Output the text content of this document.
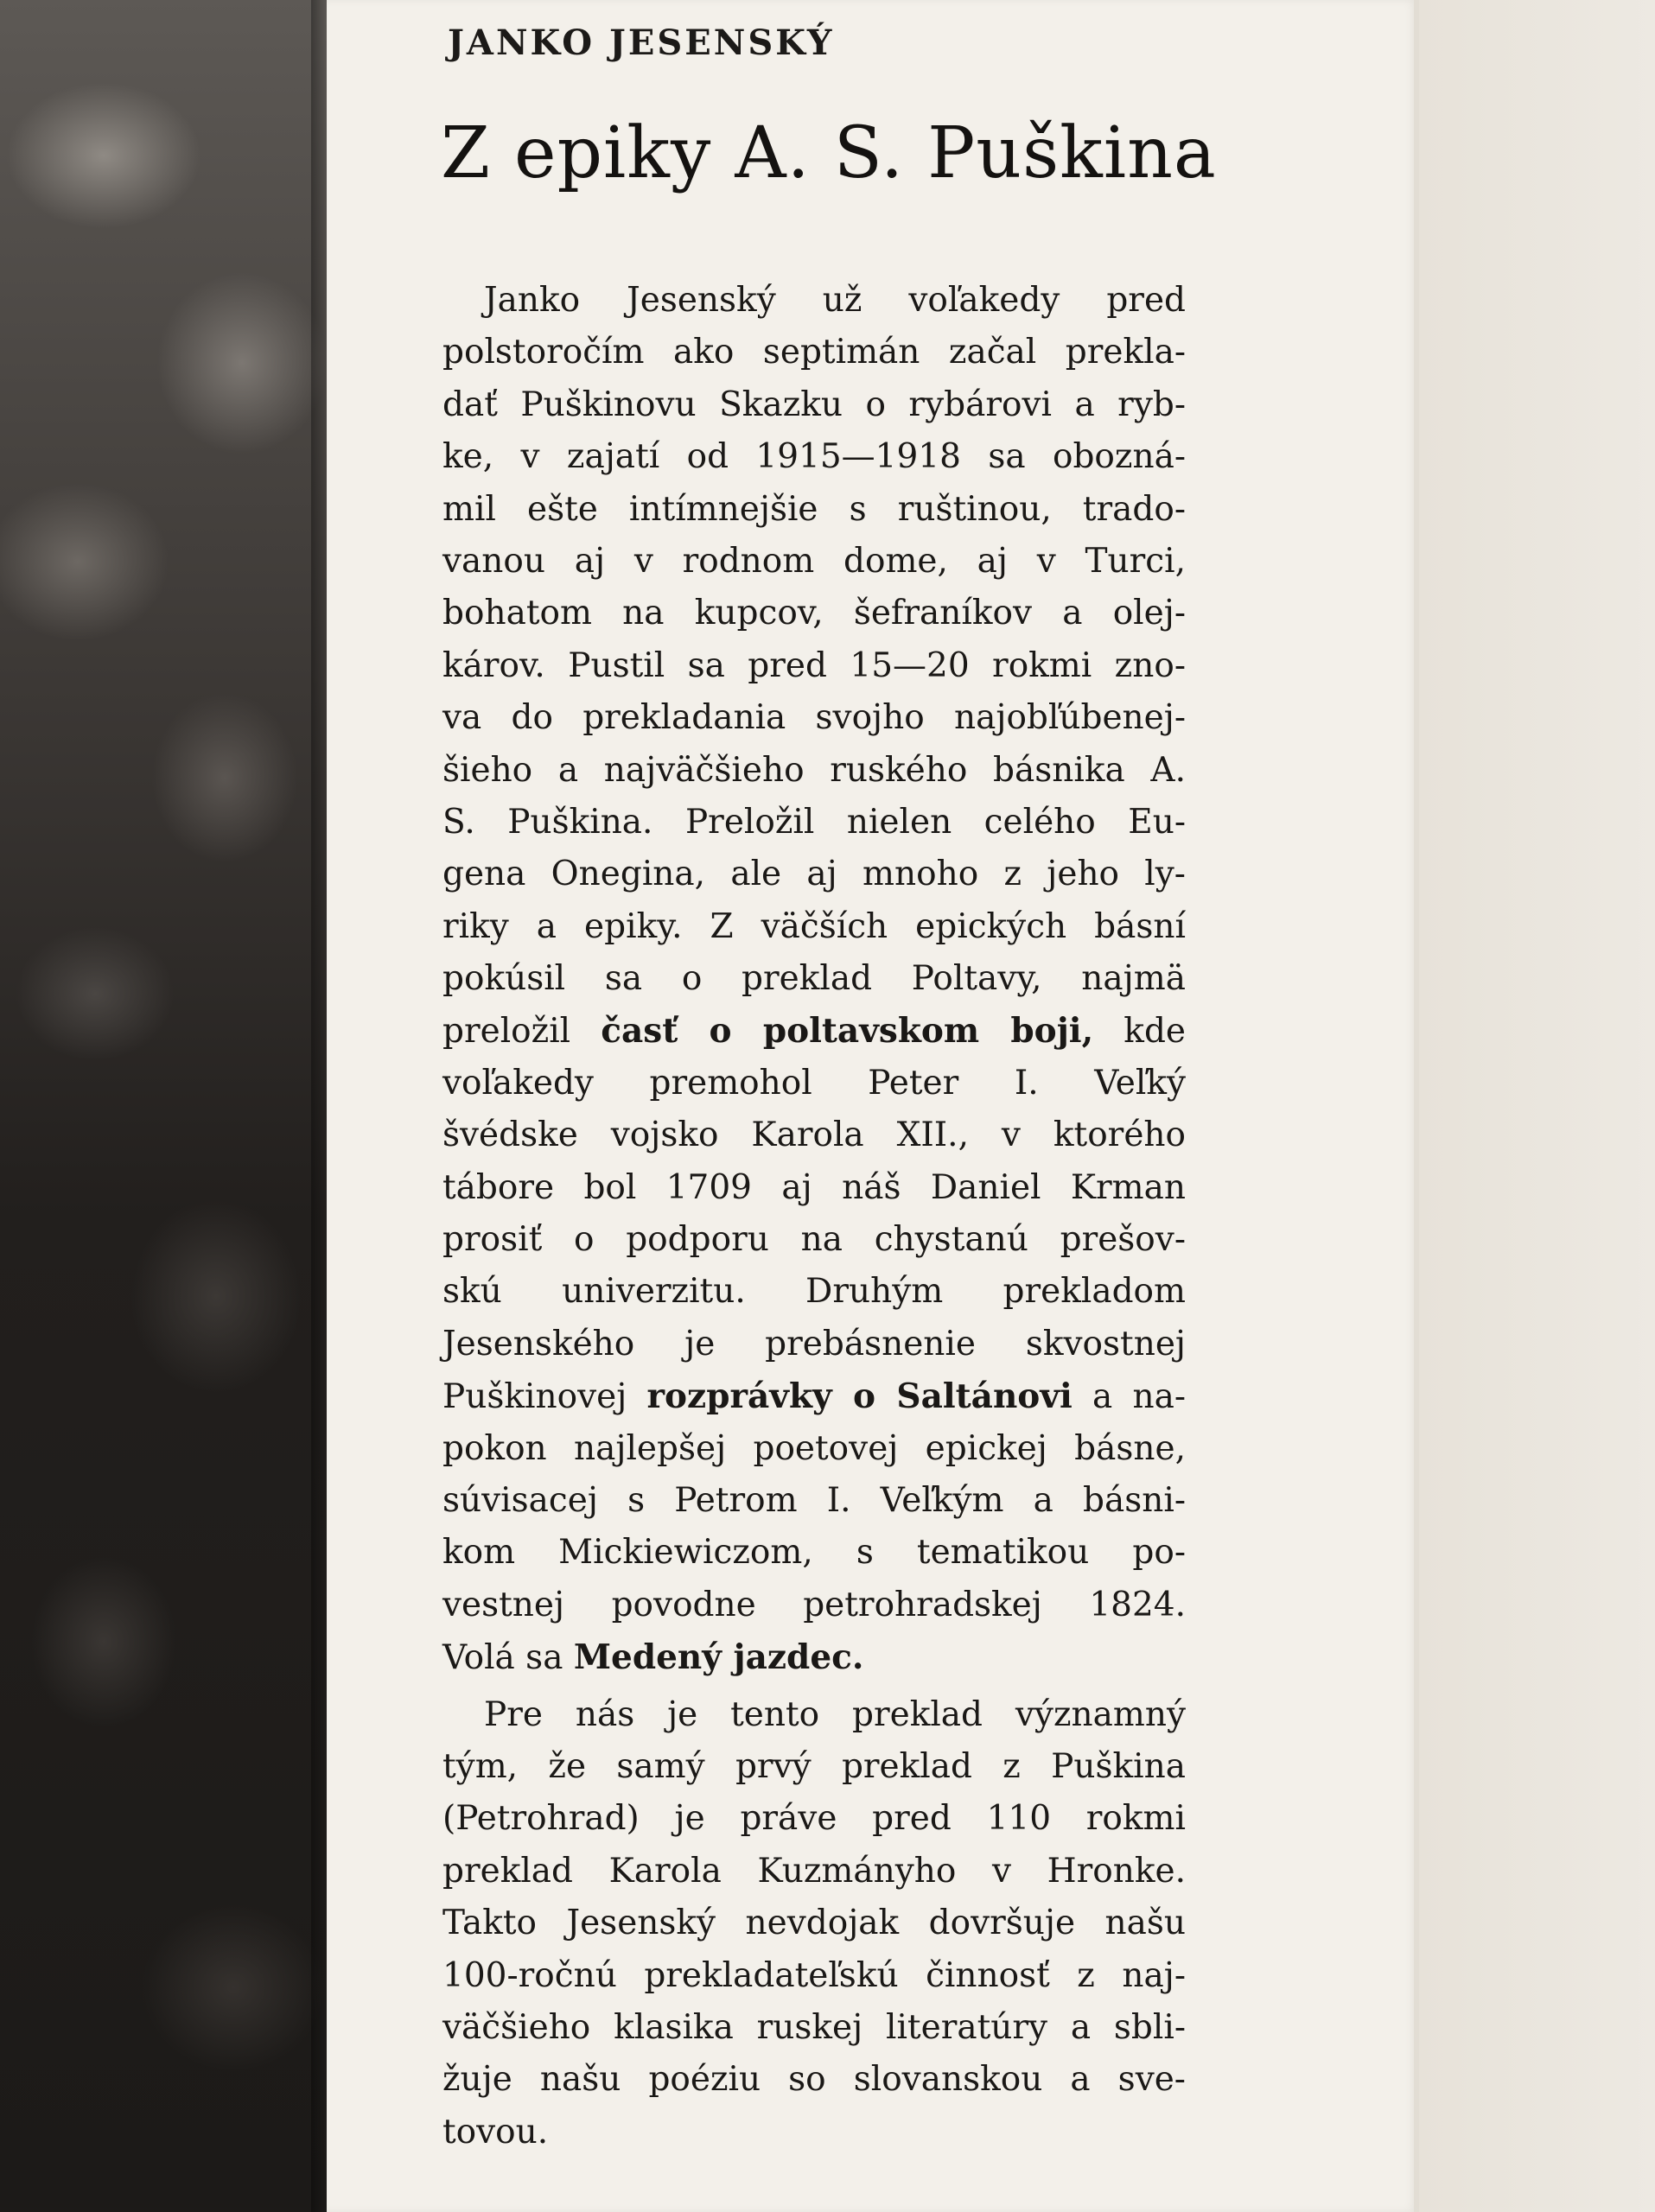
JANKO JESENSKÝ
Z epiky A. S. Puškina
Janko Jesenský už voľakedy pred
polstoročím ako septimán začal prekla-
dať Puškinovu Skazku o rybárovi a ryb-
ke, v zajatí od 1915—1918 sa obozná-
mil ešte intímnejšie s ruštinou, trado-
vanou aj v rodnom dome, aj v Turci,
bohatom na kupcov, šefraníkov a olej-
károv. Pustil sa pred 15—20 rokmi zno-
va do prekladania svojho najobľúbenej-
šieho a najväčšieho ruského básnika A.
S. Puškina. Preložil nielen celého Eu-
gena Onegina, ale aj mnoho z jeho ly-
riky a epiky. Z väčších epických básní
pokúsil sa o preklad Poltavy, najmä
preložil časť o poltavskom boji, kde
voľakedy premohol Peter I. Veľký
švédske vojsko Karola XII., v ktorého
tábore bol 1709 aj náš Daniel Krman
prosiť o podporu na chystanú prešov-
skú univerzitu. Druhým prekladom
Jesenského je prebásnenie skvostnej
Puškinovej rozprávky o Saltánovi a na-
pokon najlepšej poetovej epickej básne,
súvisacej s Petrom I. Veľkým a básni-
kom Mickiewiczom, s tematikou po-
vestnej povodne petrohradskej 1824.
Volá sa Medený jazdec.
Pre nás je tento preklad významný
tým, že samý prvý preklad z Puškina
(Petrohrad) je práve pred 110 rokmi
preklad Karola Kuzmányho v Hronke.
Takto Jesenský nevdojak dovršuje našu
100-ročnú prekladateľskú činnosť z naj-
väčšieho klasika ruskej literatúry a sbli-
žuje našu poéziu so slovanskou a sve-
tovou.
